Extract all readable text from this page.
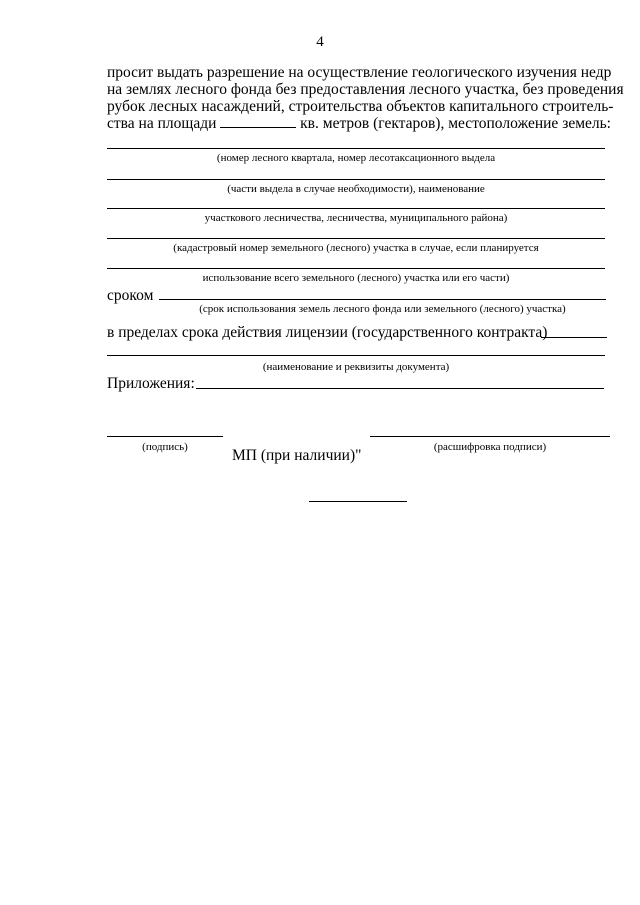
4
просит выдать разрешение на осуществление геологического изучения недр
на землях лесного фонда без предоставления лесного участка, без проведения
рубок лесных насаждений, строительства объектов капитального строитель-
ства на площади	кв. метров (гектаров), местоположение земель:
(номер лесного квартала, номер лесотаксационного выдела
(части выдела в случае необходимости), наименование
участкового лесничества, лесничества, муниципального района)
(кадастровый номер земельного (лесного) участка в случае, если планируется
использование всего земельного (лесного) участка или его части)
сроком
(срок использования земель лесного фонда или земельного (лесного) участка)
в пределах срока действия лицензии (государственного контракта)
(наименование и реквизиты документа)
Приложения:
(подпись)	(расшифровка подписи)
МП (при наличии)"
